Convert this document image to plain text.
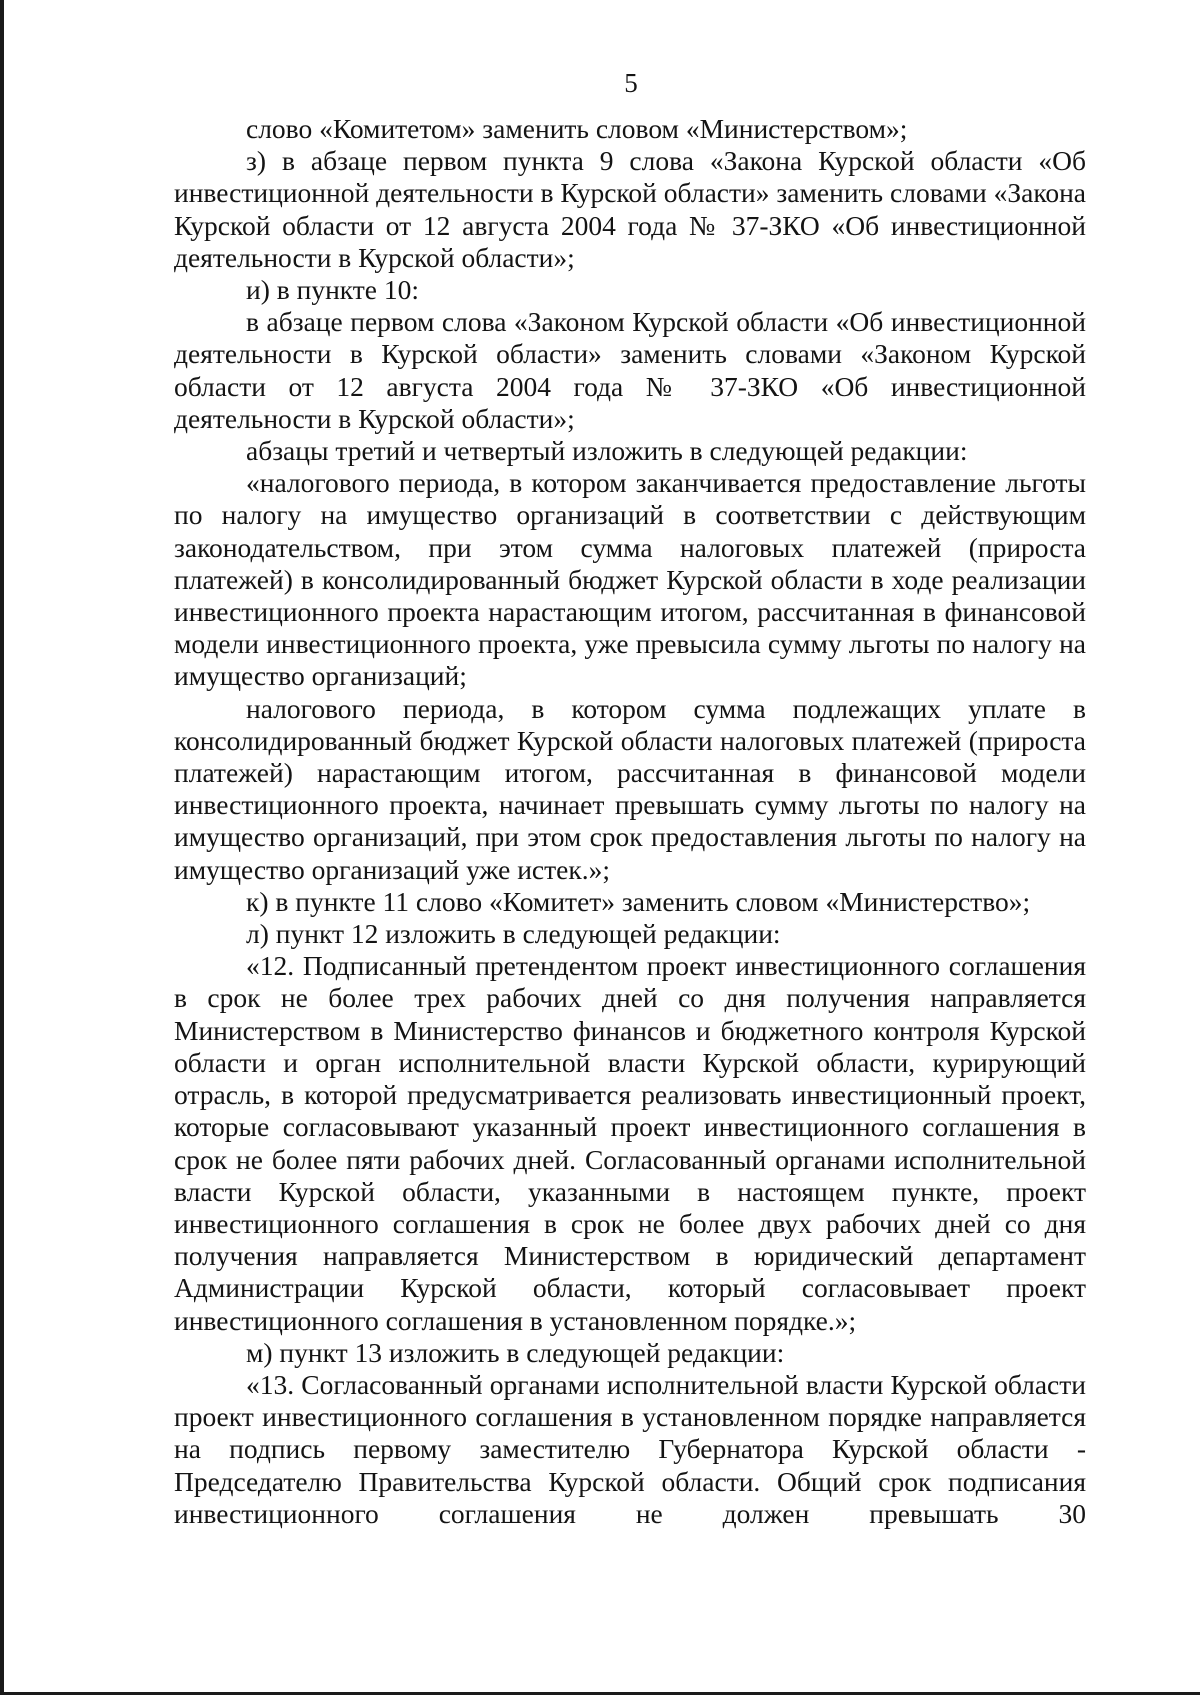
5

слово «Комитетом» заменить словом «Министерством»;

з) в абзаце первом пункта 9 слова «Закона Курской области «Об инвестиционной деятельности в Курской области» заменить словами «Закона Курской области от 12 августа 2004 года № 37-ЗКО «Об инвестиционной деятельности в Курской области»;

и) в пункте 10:

в абзаце первом слова «Законом Курской области «Об инвестиционной деятельности в Курской области» заменить словами «Законом Курской области от 12 августа 2004 года № 37-ЗКО «Об инвестиционной деятельности в Курской области»;

абзацы третий и четвертый изложить в следующей редакции:

«налогового периода, в котором заканчивается предоставление льготы по налогу на имущество организаций в соответствии с действующим законодательством, при этом сумма налоговых платежей (прироста платежей) в консолидированный бюджет Курской области в ходе реализации инвестиционного проекта нарастающим итогом, рассчитанная в финансовой модели инвестиционного проекта, уже превысила сумму льготы по налогу на имущество организаций;

налогового периода, в котором сумма подлежащих уплате в консолидированный бюджет Курской области налоговых платежей (прироста платежей) нарастающим итогом, рассчитанная в финансовой модели инвестиционного проекта, начинает превышать сумму льготы по налогу на имущество организаций, при этом срок предоставления льготы по налогу на имущество организаций уже истек.»;

к) в пункте 11 слово «Комитет» заменить словом «Министерство»;

л) пункт 12 изложить в следующей редакции:

«12. Подписанный претендентом проект инвестиционного соглашения в срок не более трех рабочих дней со дня получения направляется Министерством в Министерство финансов и бюджетного контроля Курской области и орган исполнительной власти Курской области, курирующий отрасль, в которой предусматривается реализовать инвестиционный проект, которые согласовывают указанный проект инвестиционного соглашения в срок не более пяти рабочих дней. Согласованный органами исполнительной власти Курской области, указанными в настоящем пункте, проект инвестиционного соглашения в срок не более двух рабочих дней со дня получения направляется Министерством в юридический департамент Администрации Курской области, который согласовывает проект инвестиционного соглашения в установленном порядке.»;

м) пункт 13 изложить в следующей редакции:

«13. Согласованный органами исполнительной власти Курской области проект инвестиционного соглашения в установленном порядке направляется на подпись первому заместителю Губернатора Курской области - Председателю Правительства Курской области. Общий срок подписания инвестиционного соглашения не должен превышать 30
